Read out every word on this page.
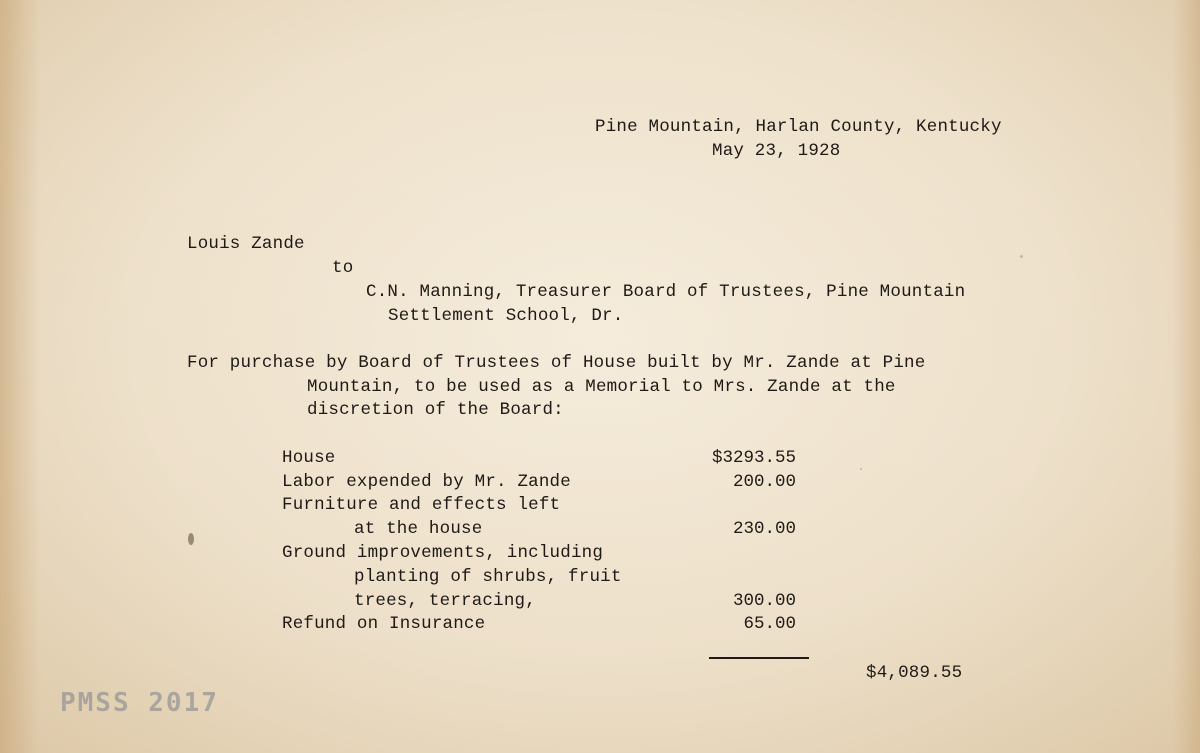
Pine Mountain, Harlan County, Kentucky
May 23, 1928
Louis Zande
to
C.N. Manning, Treasurer Board of Trustees, Pine Mountain
Settlement School, Dr.
For purchase by Board of Trustees of House built by Mr. Zande at Pine
Mountain, to be used as a Memorial to Mrs. Zande at the
discretion of the Board:
House	$3293.55
Labor expended by Mr. Zande	200.00
Furniture and effects left
at the house	230.00
Ground improvements, including
planting of shrubs, fruit
trees, terracing,	300.00
Refund on Insurance	65.00
$4,089.55
PMSS 2017
